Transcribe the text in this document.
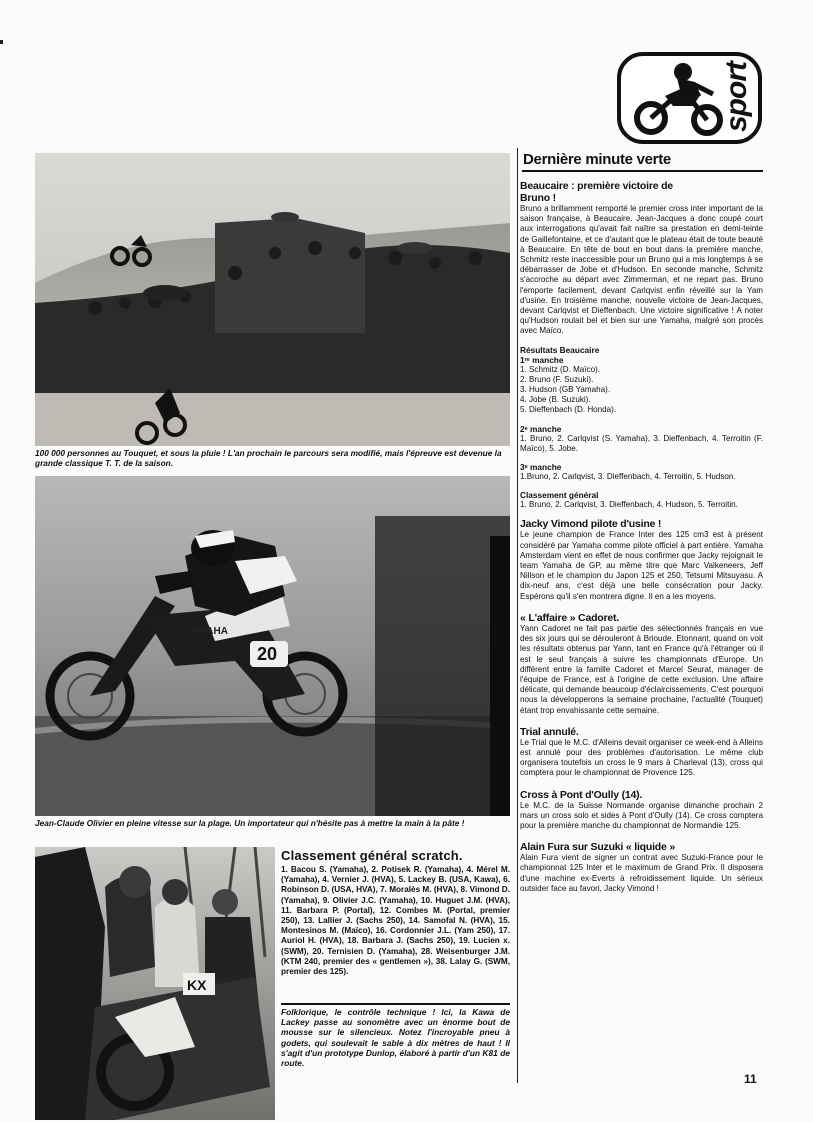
sport
100 000 personnes au Touquet, et sous la pluie ! L'an prochain le parcours sera modifié, mais l'épreuve est devenue la grande classique T. T. de la saison.
20
YAMAHA
Jean-Claude Olivier en pleine vitesse sur la plage. Un importateur qui n'hésite pas à mettre la main à la pâte !
KX
Classement général scratch.
1. Bacou S. (Yamaha), 2. Potisek R. (Yamaha), 4. Mérel M. (Yamaha), 4. Vernier J. (HVA), 5. Lackey B. (USA, Kawa), 6. Robinson D. (USA, HVA), 7. Moralès M. (HVA), 8. Vimond D. (Yamaha), 9. Olivier J.C. (Yamaha), 10. Huguet J.M. (HVA), 11. Barbara P. (Portal), 12. Combes M. (Portal, premier 250), 13. Lallier J. (Sachs 250), 14. Samofal N. (HVA), 15. Montesinos M. (Maïco), 16. Cordonnier J.L. (Yam 250), 17. Auriol H. (HVA), 18. Barbara J. (Sachs 250), 19. Lucien x. (SWM), 20. Ternisien D. (Yamaha), 28. Weisenburger J.M. (KTM 240, premier des « gentlemen »), 38. Lalay G. (SWM, premier des 125).
Folklorique, le contrôle technique ! Ici, la Kawa de Lackey passe au sonomètre avec un énorme bout de mousse sur le silencieux. Notez l'incroyable pneu à godets, qui soulevait le sable à dix mètres de haut ! Il s'agit d'un prototype Dunlop, élaboré à partir d'un K81 de route.
Dernière minute verte
Beaucaire : première victoire de
Bruno !

Bruno a brillamment remporté le premier cross inter important de la saison française, à Beaucaire. Jean-Jacques a donc coupé court aux interrogations qu'avait fait naître sa prestation en demi-teinte de Gaillefontaine, et ce d'autant que le plateau était de toute beauté à Beaucaire. En tête de bout en bout dans la première manche, Schmitz reste inaccessible pour un Bruno qui a mis longtemps à se débarrasser de Jobe et d'Hudson. En seconde manche, Schmitz s'accroche au départ avec Zimmerman, et ne repart pas. Bruno l'emporte facilement, devant Carlqvist enfin réveillé sur la Yam d'usine. En troisième manche, nouvelle victoire de Jean-Jacques, devant Carlqvist et Dieffenbach. Une victoire significative ! A noter qu'Hudson roulait bel et bien sur une Yamaha, malgré son procès avec Maïco.

Résultats Beaucaire
1ʳᵉ manche
1. Schmitz (D. Maïco).
2. Bruno (F. Suzuki).
3. Hudson (GB Yamaha).
4. Jobe (B. Suzuki).
5. Dieffenbach (D. Honda).
2ᵉ manche

1. Bruno, 2. Carlqvist (S. Yamaha), 3. Dieffenbach, 4. Terroitin (F. Maïco), 5. Jobe.

3ᵉ manche

1.Bruno, 2. Carlqvist, 3. Dieffenbach, 4. Terroitin, 5. Hudson.

Classement général

1. Bruno, 2. Carlqvist, 3. Dieffenbach, 4. Hudson, 5. Terroitin.

Jacky Vimond pilote d'usine !

Le jeune champion de France Inter des 125 cm3 est à présent considéré par Yamaha comme pilote officiel à part entière. Yamaha Amsterdam vient en effet de nous confirmer que Jacky rejoignait le team Yamaha de GP, au même titre que Marc Valkeneers, Jeff Nillson et le champion du Japon 125 et 250, Tetsumi Mitsuyasu. A dix-neuf ans, c'est déjà une belle consécration pour Jacky. Espérons qu'il s'en montrera digne. Il en a les moyens.

« L'affaire » Cadoret.

Yann Cadoret ne fait pas partie des sélectionnés français en vue des six jours qui se dérouleront à Brioude. Etonnant, quand on voit les résultats obtenus par Yann, tant en France qu'à l'étranger où il est le seul français à suivre les championnats d'Europe. Un différent entre la famille Cadoret et Marcel Seurat, manager de l'équipe de France, est à l'origine de cette exclusion. Une affaire délicate, qui demande beaucoup d'éclaircissements. C'est pourquoi nous la développerons la semaine prochaine, l'actualité (Touquet) étant trop envahissante cette semaine.

Trial annulé.

Le Trial que le M.C. d'Alleins devait organiser ce week-end à Alleins est annulé pour des problèmes d'autorisation. Le même club organisera toutefois un cross le 9 mars à Charleval (13), cross qui comptera pour le championnat de Provence 125.

Cross à Pont d'Oully (14).

Le M.C. de la Suisse Normande organise dimanche prochain 2 mars un cross solo et sides à Pont d'Oully (14). Ce cross comptera pour la première manche du championnat de Normandie 125.

Alain Fura sur Suzuki « liquide »

Alain Fura vient de signer un contrat avec Suzuki-France pour le championnat 125 Inter et le maximum de Grand Prix. Il disposera d'une machine ex-Everts à refroidissement liquide. Un sérieux outsider face au favori, Jacky Vimond !

11
